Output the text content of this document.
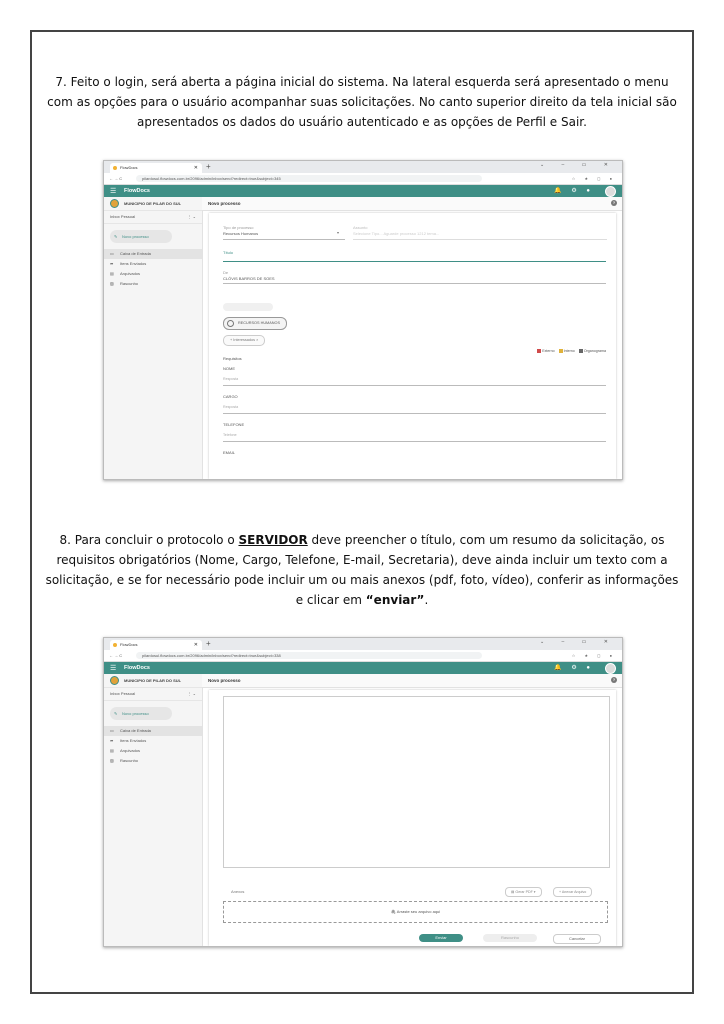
7. Feito o login, será aberta a página inicial do sistema. Na lateral esquerda será apresentado o menu com as opções para o usuário acompanhar suas solicitações. No canto superior direito da tela inicial são apresentados os dados do usuário autenticado e as opções de Perfil e Sair.
FlowDocs	✕ +	⌄ – ▭ ✕
← → C	pilardosul.flowdocs.com.br/2096/admin/inbox/send?redirect=true&subject=345	☆ ★ ◻ ●
☰ FlowDocs	🔔 ⚙ ●
MUNICIPIO DE PILAR DO SUL
Inbox Pessoal	⋮ ⌄
✎ Novo processo
▭ Caixa de Entrada
➦ Itens Enviados
▤ Arquivados
▨ Rascunho
Novo processo	?
Tipo de processo
Recursos Humanos	▾
Assunto
Selecione Tipo... Aguarde processo 1212 tema...
Título
De
CLÓVIS BARROS DE SOES
RECURSOS HUMANOS
+ Interessados ×
Externo	Interno	Organograma
Requisitos
NOME
Resposta
CARGO
Resposta
TELEFONE
Telefone
EMAIL
8. Para concluir o protocolo o SERVIDOR deve preencher o título, com um resumo da solicitação, os requisitos obrigatórios (Nome, Cargo, Telefone, E-mail, Secretaria), deve ainda incluir um texto com a solicitação, e se for necessário pode incluir um ou mais anexos (pdf, foto, vídeo), conferir as informações e clicar em “enviar”.
FlowDocs	✕ +	⌄ – ▭ ✕
← → C	pilardosul.flowdocs.com.br/2096/admin/inbox/send?redirect=true&subject=338	☆ ★ ◻ ●
☰ FlowDocs	🔔 ⚙ ●
MUNICIPIO DE PILAR DO SUL
Inbox Pessoal	⋮ ⌄
✎ Novo processo
▭ Caixa de Entrada
➦ Itens Enviados
▤ Arquivados
▨ Rascunho
Novo processo	?
Anexos	▤ Gerar PDF ▾	+ Anexar Arquivo
🖇 Arraste seu arquivo aqui
Enviar	Rascunho	Cancelar
